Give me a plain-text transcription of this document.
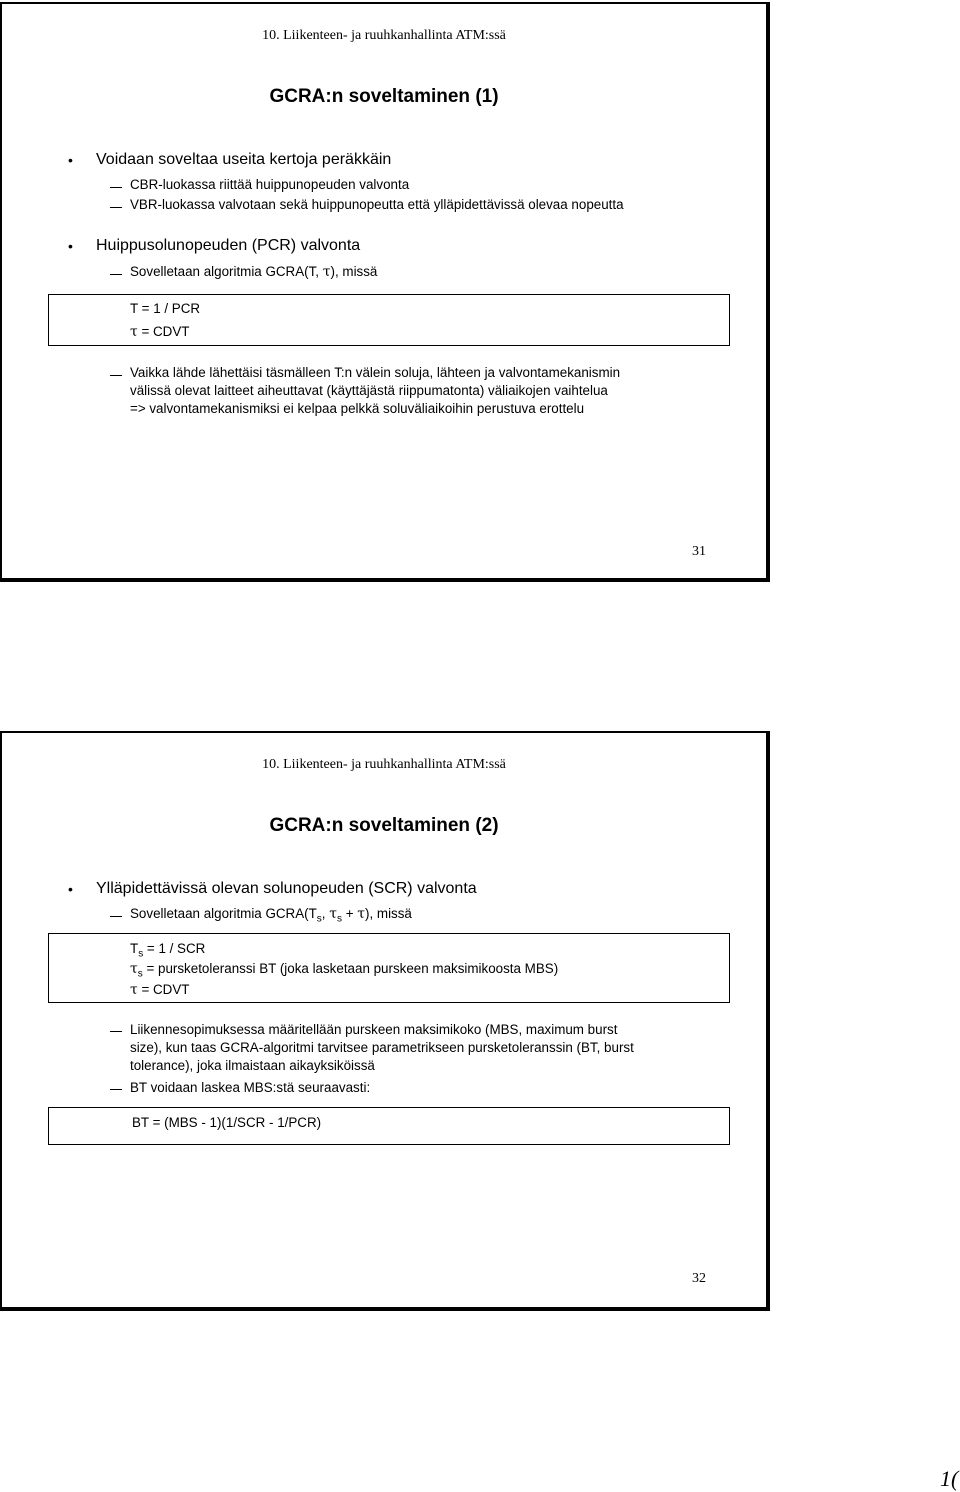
10. Liikenteen- ja ruuhkanhallinta ATM:ssä
GCRA:n soveltaminen (1)
• Voidaan soveltaa useita kertoja peräkkäin
CBR-luokassa riittää huippunopeuden valvonta
VBR-luokassa valvotaan sekä huippunopeutta että ylläpidettävissä olevaa nopeutta
• Huippusolunopeuden (PCR) valvonta
Sovelletaan algoritmia GCRA(T, τ), missä
T = 1 / PCR
τ = CDVT
Vaikka lähde lähettäisi täsmälleen T:n välein soluja, lähteen ja valvontamekanismin
välissä olevat laitteet aiheuttavat (käyttäjästä riippumatonta) väliaikojen vaihtelua
=> valvontamekanismiksi ei kelpaa pelkkä soluväliaikoihin perustuva erottelu
31
10. Liikenteen- ja ruuhkanhallinta ATM:ssä
GCRA:n soveltaminen (2)
• Ylläpidettävissä olevan solunopeuden (SCR) valvonta
Sovelletaan algoritmia $GCRA(T_s$, $\tau_s + \tau$), missä
$T_s = 1$ / SCR
$\tau_s$ = pursketoleranssi BT (joka lasketaan purskeen maksimikoosta MBS)
τ = CDVT
Liikennesopimuksessa määritellään purskeen maksimikoko (MBS, maximum burst
size), kun taas GCRA-algoritmi tarvitsee parametrikseen pursketoleranssin (BT, burst
tolerance), joka ilmaistaan aikayksiköissä
BT voidaan laskea MBS:stä seuraavasti:
BT = (MBS - 1)(1/SCR - 1/PCR)
32
1(
